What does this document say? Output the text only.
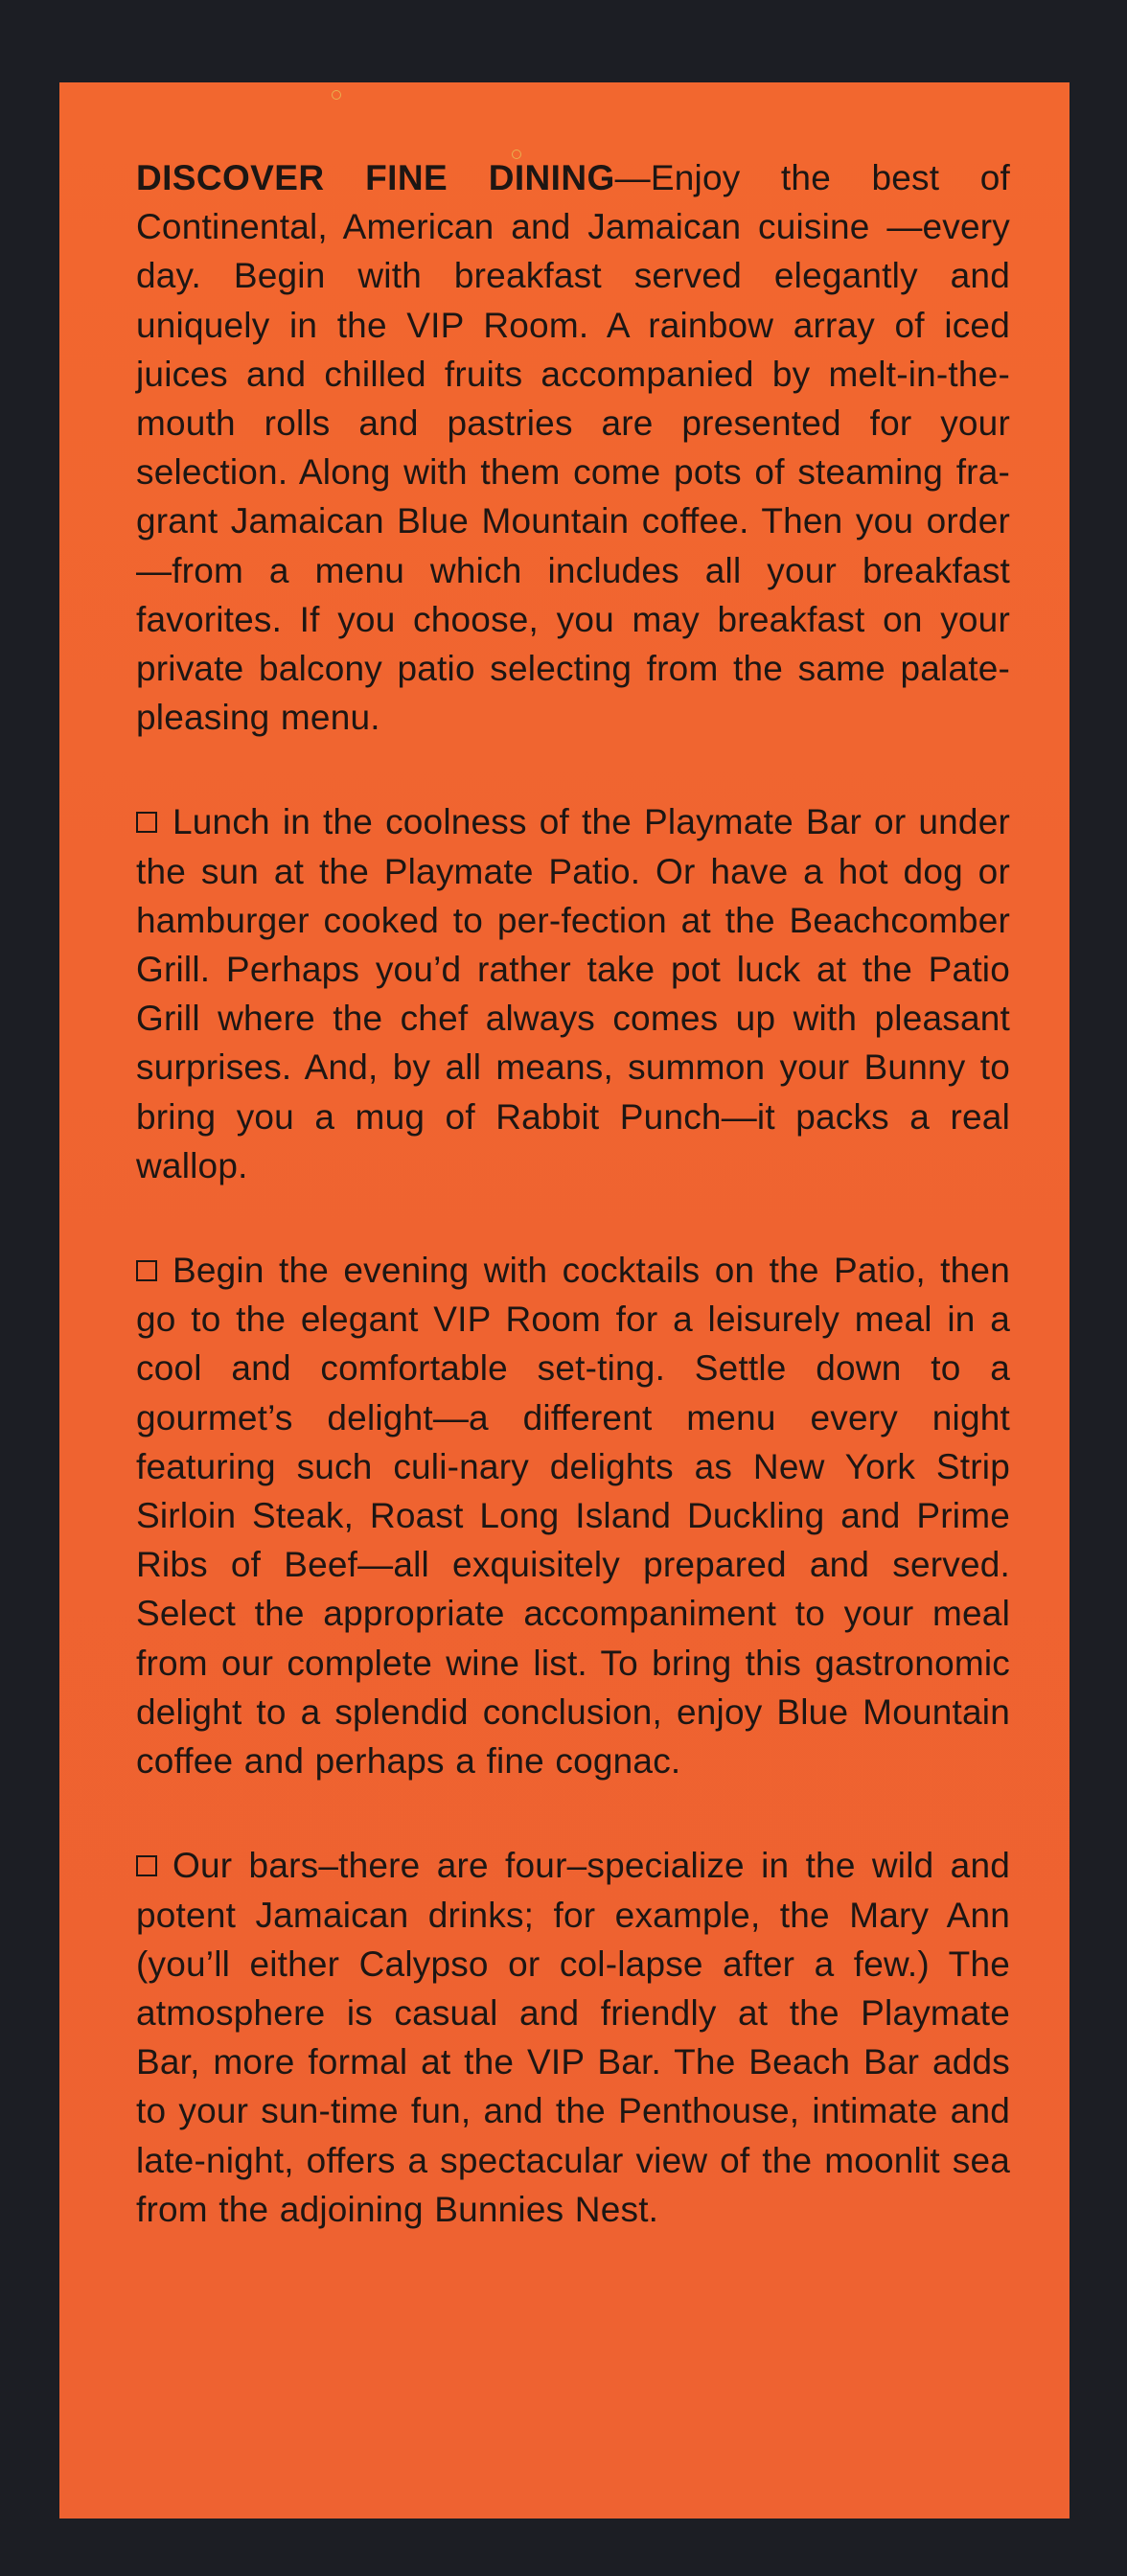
DISCOVER FINE DINING—Enjoy the best of Continental, American and Jamaican cuisine —every day. Begin with breakfast served elegantly and uniquely in the VIP Room. A rainbow array of iced juices and chilled fruits accompanied by melt-in-the-mouth rolls and pastries are presented for your selection. Along with them come pots of steaming fra-grant Jamaican Blue Mountain coffee. Then you order—from a menu which includes all your breakfast favorites. If you choose, you may breakfast on your private balcony patio selecting from the same palate-pleasing menu.

Lunch in the coolness of the Playmate Bar or under the sun at the Playmate Patio. Or have a hot dog or hamburger cooked to per-fection at the Beachcomber Grill. Perhaps you’d rather take pot luck at the Patio Grill where the chef always comes up with pleasant surprises. And, by all means, summon your Bunny to bring you a mug of Rabbit Punch—it packs a real wallop.

Begin the evening with cocktails on the Patio, then go to the elegant VIP Room for a leisurely meal in a cool and comfortable set-ting. Settle down to a gourmet’s delight—a different menu every night featuring such culi-nary delights as New York Strip Sirloin Steak, Roast Long Island Duckling and Prime Ribs of Beef—all exquisitely prepared and served. Select the appropriate accompaniment to your meal from our complete wine list. To bring this gastronomic delight to a splendid conclusion, enjoy Blue Mountain coffee and perhaps a fine cognac.

Our bars–there are four–specialize in the wild and potent Jamaican drinks; for example, the Mary Ann (you’ll either Calypso or col-lapse after a few.) The atmosphere is casual and friendly at the Playmate Bar, more formal at the VIP Bar. The Beach Bar adds to your sun-time fun, and the Penthouse, intimate and late-night, offers a spectacular view of the moonlit sea from the adjoining Bunnies Nest.
